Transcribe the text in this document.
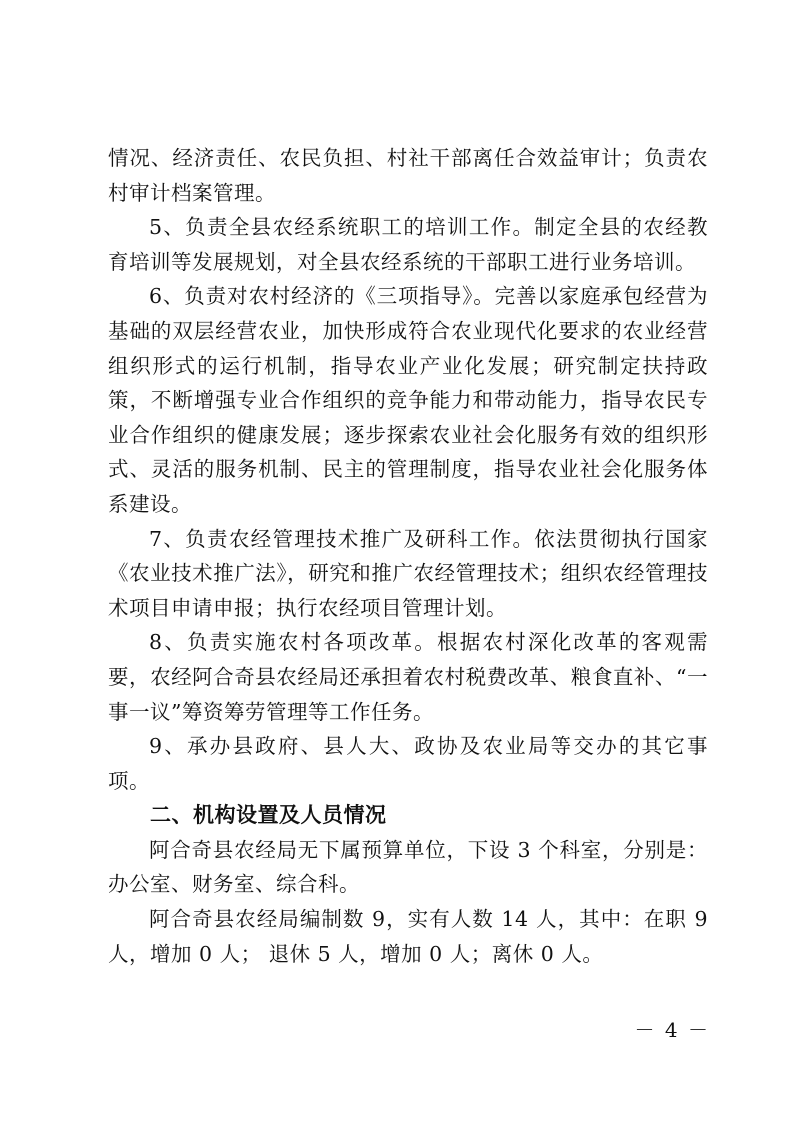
情况、经济责任、农民负担、村社干部离任合效益审计；负责农村审计档案管理。

5、负责全县农经系统职工的培训工作。制定全县的农经教育培训等发展规划，对全县农经系统的干部职工进行业务培训。

6、负责对农村经济的《三项指导》。完善以家庭承包经营为基础的双层经营农业，加快形成符合农业现代化要求的农业经营组织形式的运行机制，指导农业产业化发展；研究制定扶持政策，不断增强专业合作组织的竞争能力和带动能力，指导农民专业合作组织的健康发展；逐步探索农业社会化服务有效的组织形式、灵活的服务机制、民主的管理制度，指导农业社会化服务体系建设。

7、负责农经管理技术推广及研科工作。依法贯彻执行国家《农业技术推广法》，研究和推广农经管理技术；组织农经管理技术项目申请申报；执行农经项目管理计划。

8、负责实施农村各项改革。根据农村深化改革的客观需要，农经阿合奇县农经局还承担着农村税费改革、粮食直补、“一事一议”筹资筹劳管理等工作任务。

9、承办县政府、县人大、政协及农业局等交办的其它事项。

二、机构设置及人员情况

阿合奇县农经局无下属预算单位，下设 3 个科室，分别是：办公室、财务室、综合科。

阿合奇县农经局编制数 9，实有人数 14 人，其中：在职 9 人，增加 0 人； 退休 5 人，增加 0 人；离休 0 人。

－ 4 －
